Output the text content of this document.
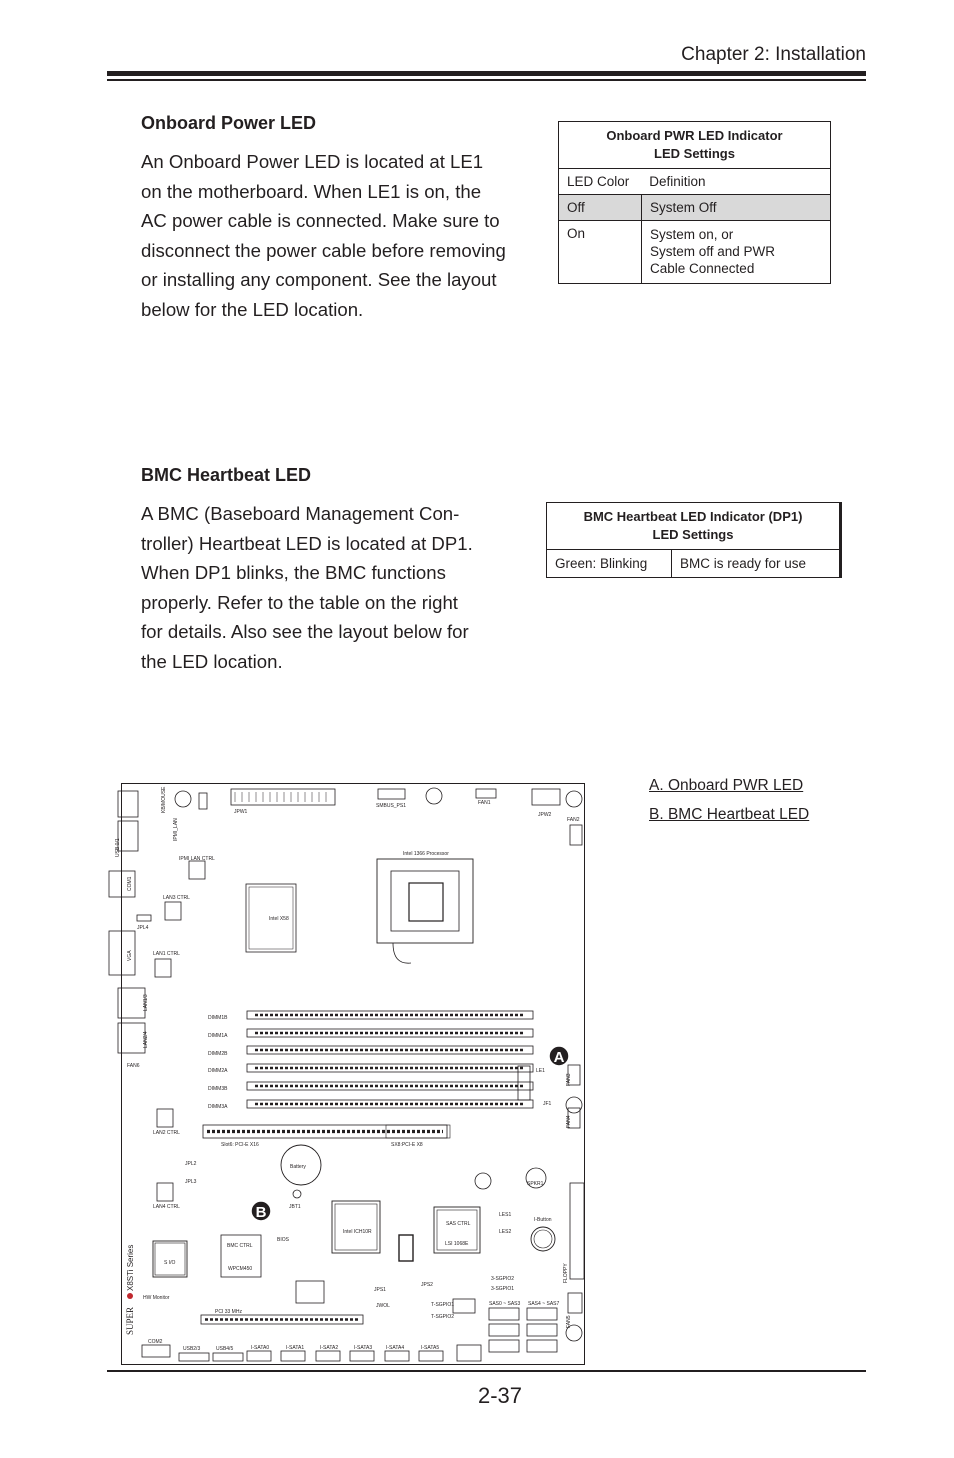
Chapter 2: Installation
Onboard Power LED
An Onboard Power LED is located at LE1
on the motherboard. When LE1 is on, the
AC power cable is connected. Make sure to
disconnect the power cable before removing
or installing any component. See the layout
below for the LED location.
Onboard PWR LED Indicator
LED Settings	

LED Color Definition	
Off	System Off
On	System on, or
System off and PWR
Cable Connected
BMC Heartbeat LED
A BMC (Baseboard Management Con-
troller) Heartbeat LED is located at DP1.
When DP1 blinks, the BMC functions
properly. Refer to the table on the right
for details. Also see the layout below for
the LED location.
BMC Heartbeat LED Indicator (DP1)
LED Settings

Green: Blinking	BMC is ready for use
A. Onboard PWR LED
B. BMC Heartbeat LED
USB 0/1
KB/MOUSE
IPMI_LAN
COM1
VGA
LAN1/3
LAN2/4
IPMI LAN CTRL
LAN3 CTRL
JPL4
LAN1 CTRL
JPW1
SMBUS_PS1	FAN1
JPW2
FAN2
Intel 1366 Processor
Intel X58
DIMM1B
DIMM1A
DIMM2B
DIMM2A
DIMM3B
DIMM3A
FAN6
LAN2 CTRL
Slot6: PCI-E X16	SX8:PCI-E X8
Battery
JPL2
JPL3
LAN4 CTRL	JBT1
BIOS
BMC CTRL
WPCM450
S I/O
HW Monitor
Intel ICH10R
SAS CTRL
LSI 1068E
PCI 33 MHz
COM2
USB2/3	USB4/5	I-SATA0	I-SATA1	I-SATA2	I-SATA3	I-SATA4	I-SATA5
SAS0 ~ SAS3 SAS4 ~ SAS7
I-Button
LES1
LES2
SPKR1
JPS2
JPS1
JWOL
JF1
LE1
3-SGPIO2
3-SGPIO1
T-SGPIO1
T-SGPIO2
FAN3
FAN4
FAN5
FLOPPY
X8STi Series
SUPER
A
B
2-37
